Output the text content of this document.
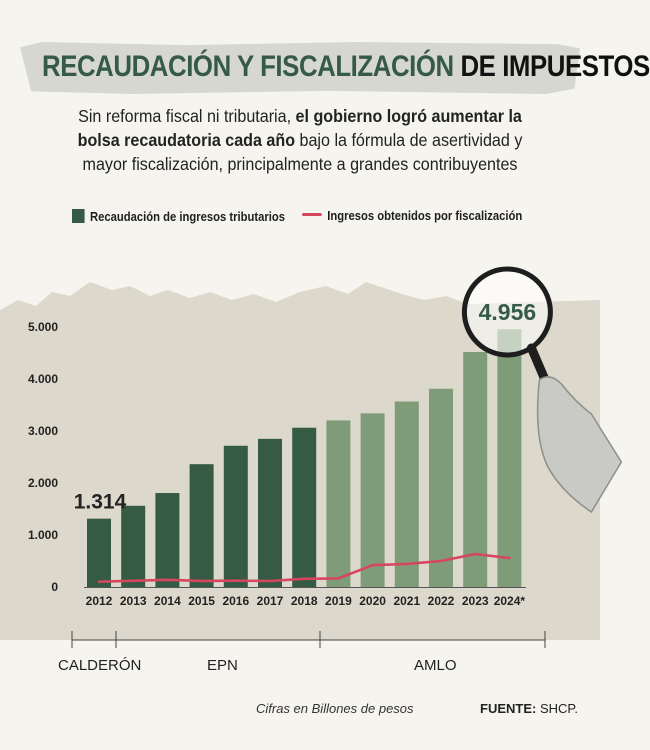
RECAUDACIÓN Y FISCALIZACIÓN DE IMPUESTOS
Sin reforma fiscal ni tributaria, el gobierno logró aumentar la bolsa recaudatoria cada año bajo la fórmula de asertividad y mayor fiscalización, principalmente a grandes contribuyentes
Recaudación de ingresos tributarios	Ingresos obtenidos por fiscalización
0
1.000
2.000
3.000
4.000
5.000
2012 2013 2014 2015 2016 2017 2018 2019 2020 2021 2022 2023 2024*
1.314
4.956
CALDERÓN	EPN	AMLO
Cifras en Billones de pesos	FUENTE: SHCP.
